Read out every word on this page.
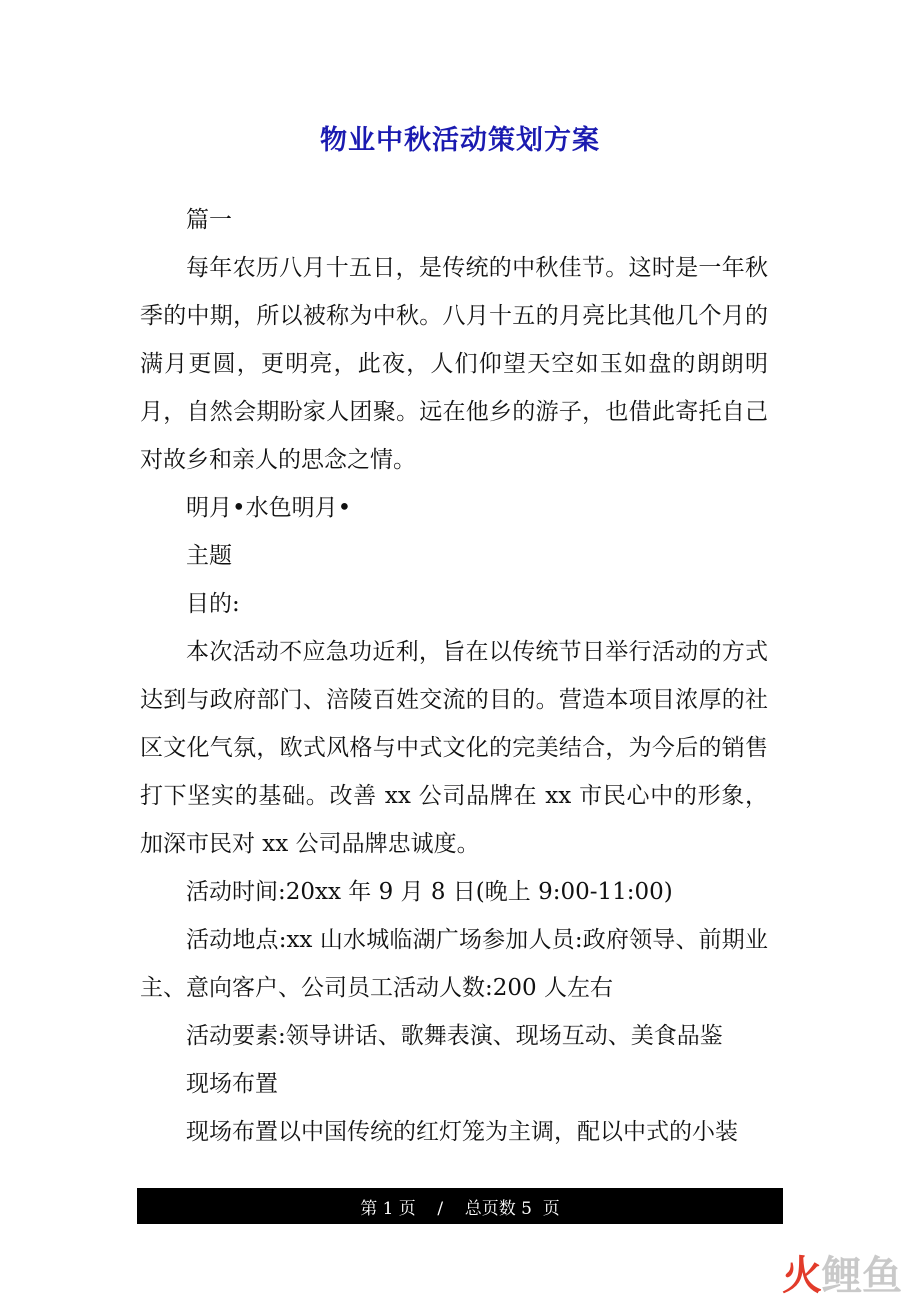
物业中秋活动策划方案

篇一

每年农历八月十五日，是传统的中秋佳节。这时是一年秋季的中期，所以被称为中秋。八月十五的月亮比其他几个月的满月更圆，更明亮，此夜，人们仰望天空如玉如盘的朗朗明月，自然会期盼家人团聚。远在他乡的游子，也借此寄托自己对故乡和亲人的思念之情。

明月•水色明月•

主题

目的:

本次活动不应急功近利，旨在以传统节日举行活动的方式达到与政府部门、涪陵百姓交流的目的。营造本项目浓厚的社区文化气氛，欧式风格与中式文化的完美结合，为今后的销售打下坚实的基础。改善 xx 公司品牌在 xx 市民心中的形象，加深市民对 xx 公司品牌忠诚度。

活动时间:20xx 年 9 月 8 日(晚上 9:00-11:00)

活动地点:xx 山水城临湖广场参加人员:政府领导、前期业主、意向客户、公司员工活动人数:200 人左右

活动要素:领导讲话、歌舞表演、现场互动、美食品鉴

现场布置

现场布置以中国传统的红灯笼为主调，配以中式的小装

第 1 页    /    总页数 5  页
火 鲤鱼
